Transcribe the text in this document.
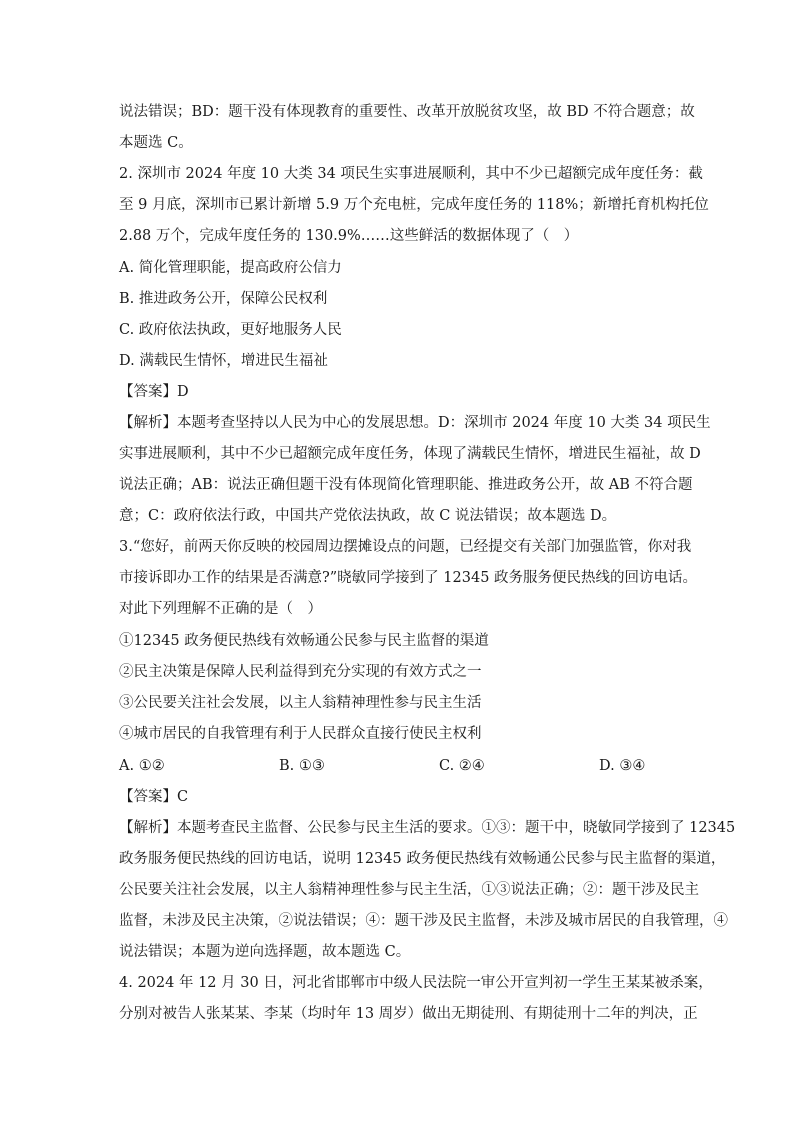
说法错误；BD：题干没有体现教育的重要性、改革开放脱贫攻坚，故 BD 不符合题意；故
本题选 C。
2. 深圳市 2024 年度 10 大类 34 项民生实事进展顺利，其中不少已超额完成年度任务：截
至 9 月底，深圳市已累计新增 5.9 万个充电桩，完成年度任务的 118%；新增托育机构托位
2.88 万个，完成年度任务的 130.9%……这些鲜活的数据体现了（　）
A. 简化管理职能，提高政府公信力
B. 推进政务公开，保障公民权利
C. 政府依法执政，更好地服务人民
D. 满载民生情怀，增进民生福祉
【答案】D
【解析】本题考查坚持以人民为中心的发展思想。D：深圳市 2024 年度 10 大类 34 项民生
实事进展顺利，其中不少已超额完成年度任务，体现了满载民生情怀，增进民生福祉，故 D
说法正确；AB：说法正确但题干没有体现简化管理职能、推进政务公开，故 AB 不符合题
意；C：政府依法行政，中国共产党依法执政，故 C 说法错误；故本题选 D。
3.“您好，前两天你反映的校园周边摆摊设点的问题，已经提交有关部门加强监管，你对我
市接诉即办工作的结果是否满意?”晓敏同学接到了 12345 政务服务便民热线的回访电话。
对此下列理解不正确的是（　）
①12345 政务便民热线有效畅通公民参与民主监督的渠道
②民主决策是保障人民利益得到充分实现的有效方式之一
③公民要关注社会发展，以主人翁精神理性参与民主生活
④城市居民的自我管理有利于人民群众直接行使民主权利
A. ①②	B. ①③	C. ②④	D. ③④
【答案】C
【解析】本题考查民主监督、公民参与民主生活的要求。①③：题干中，晓敏同学接到了 12345
政务服务便民热线的回访电话，说明 12345 政务便民热线有效畅通公民参与民主监督的渠道，
公民要关注社会发展，以主人翁精神理性参与民主生活，①③说法正确；②：题干涉及民主
监督，未涉及民主决策，②说法错误；④：题干涉及民主监督，未涉及城市居民的自我管理，④
说法错误；本题为逆向选择题，故本题选 C。
4. 2024 年 12 月 30 日，河北省邯郸市中级人民法院一审公开宣判初一学生王某某被杀案，
分别对被告人张某某、李某（均时年 13 周岁）做出无期徒刑、有期徒刑十二年的判决，正
